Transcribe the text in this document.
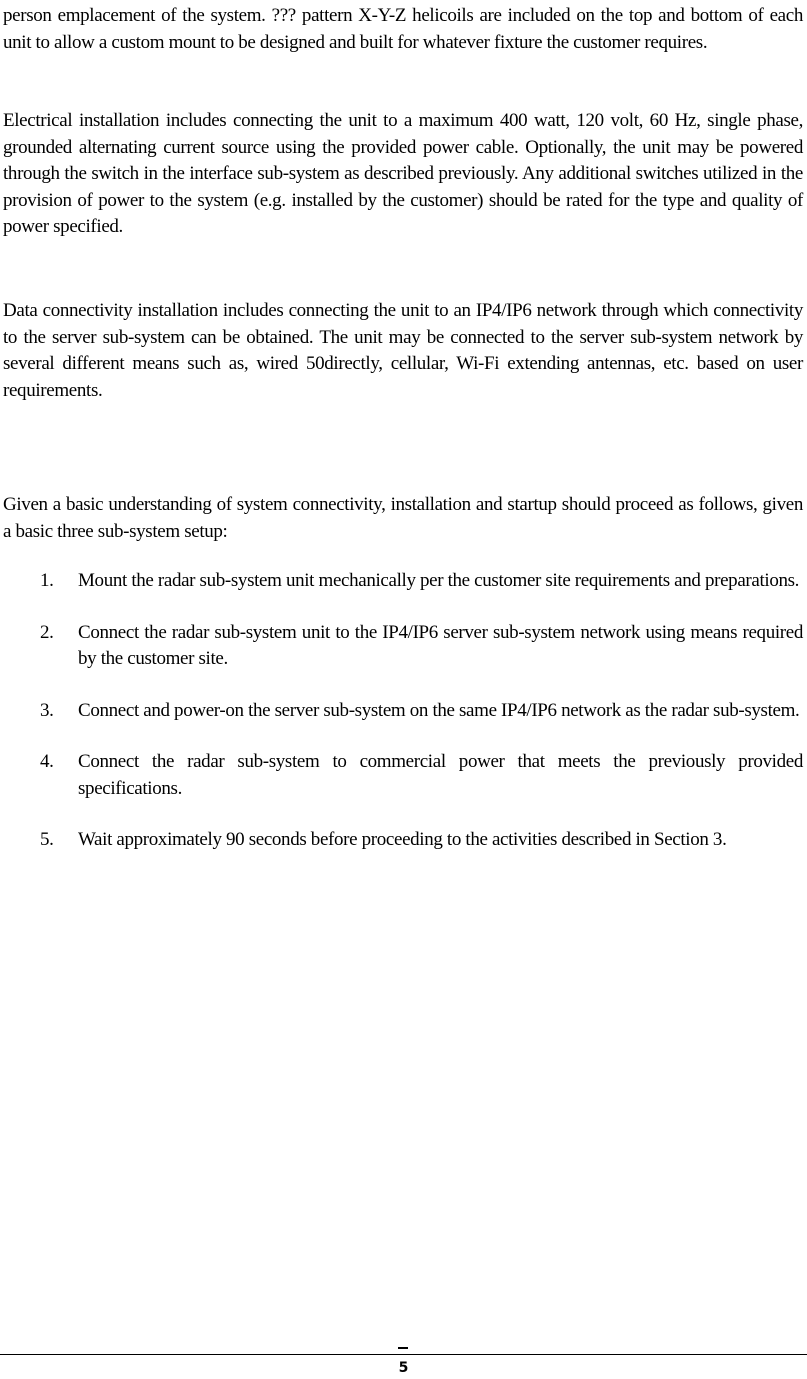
person emplacement of the system. ??? pattern X-Y-Z helicoils are included on the top and bottom of each unit to allow a custom mount to be designed and built for whatever fixture the customer requires.

Electrical installation includes connecting the unit to a maximum 400 watt, 120 volt, 60 Hz, single phase, grounded alternating current source using the provided power cable. Optionally, the unit may be powered through the switch in the interface sub-system as described previously. Any additional switches utilized in the provision of power to the system (e.g. installed by the customer) should be rated for the type and quality of power specified.

Data connectivity installation includes connecting the unit to an IP4/IP6 network through which connectivity to the server sub-system can be obtained. The unit may be connected to the server sub-system network by several different means such as, wired 50directly, cellular, Wi-Fi extending antennas, etc. based on user requirements.

Given a basic understanding of system connectivity, installation and startup should proceed as follows, given a basic three sub-system setup:

1. Mount the radar sub-system unit mechanically per the customer site requirements and preparations.
2. Connect the radar sub-system unit to the IP4/IP6 server sub-system network using means required by the customer site.
3. Connect and power-on the server sub-system on the same IP4/IP6 network as the radar sub-system.
4. Connect the radar sub-system to commercial power that meets the previously provided specifications.
5. Wait approximately 90 seconds before proceeding to the activities described in Section 3.
5
